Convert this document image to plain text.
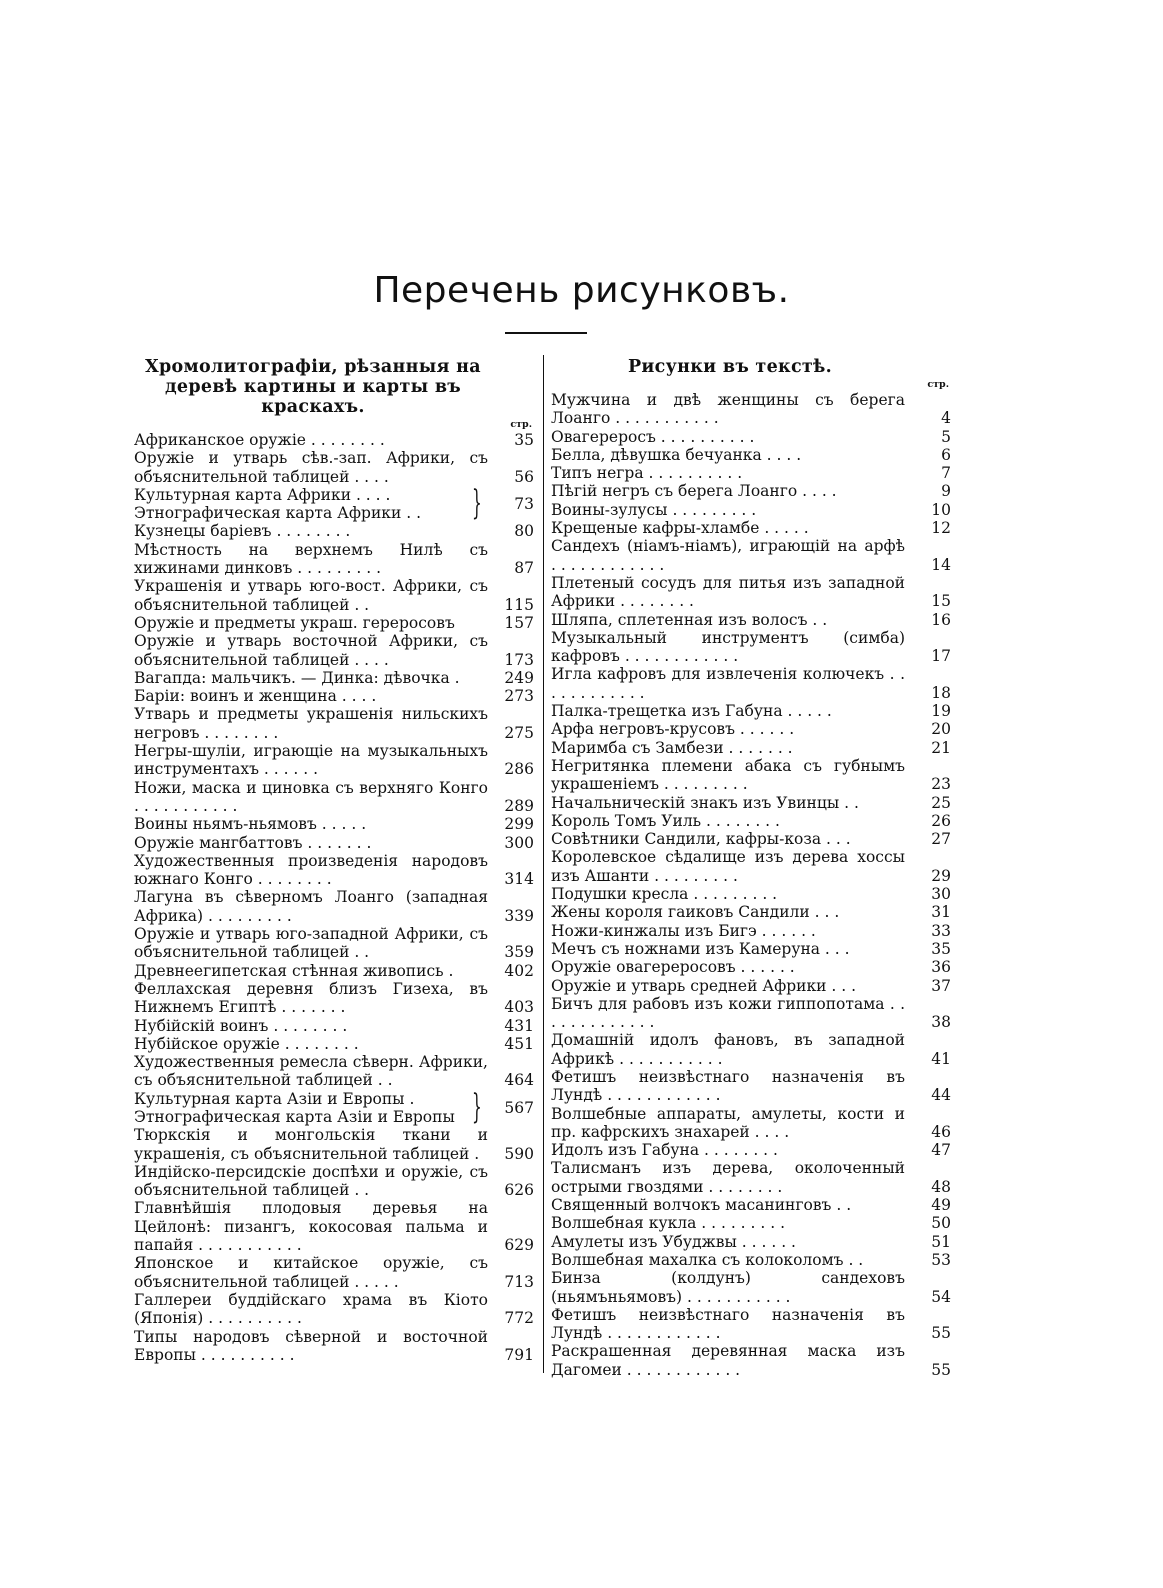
Перечень рисунковъ.
Хромолитографіи, рѣзанныя на деревѣ картины и карты въ краскахъ.
стр.
Африканское оружіе . . . . . . . .	35
Оружіе и утварь сѣв.-зап. Африки, съ объяснительной таблицей . . . .	56
Культурная карта Африки . . . .
Этнографическая карта Африки . .	}	73
Кузнецы баріевъ . . . . . . . .	80
Мѣстность на верхнемъ Нилѣ съ хижинами динковъ . . . . . . . . .	87
Украшенія и утварь юго-вост. Африки, съ объяснительной таблицей . .	115
Оружіе и предметы украш. гереросовъ	157
Оружіе и утварь восточной Африки, съ объяснительной таблицей . . . .	173
Вагапда: мальчикъ. — Динка: дѣвочка .	249
Баріи: воинъ и женщина . . . .	273
Утварь и предметы украшенія нильскихъ негровъ . . . . . . . .	275
Негры-шуліи, играющіе на музыкальныхъ инструментахъ . . . . . .	286
Ножи, маска и циновка съ верхняго Конго . . . . . . . . . . .	289
Воины ньямъ-ньямовъ . . . . .	299
Оружіе мангбаттовъ . . . . . . .	300
Художественныя произведенія народовъ южнаго Конго . . . . . . . .	314
Лагуна въ сѣверномъ Лоанго (западная Африка) . . . . . . . . .	339
Оружіе и утварь юго-западной Африки, съ объяснительной таблицей . .	359
Древнеегипетская стѣнная живопись .	402
Феллахская деревня близъ Гизеха, въ Нижнемъ Египтѣ . . . . . . .	403
Нубійскій воинъ . . . . . . . .	431
Нубійское оружіе . . . . . . . .	451
Художественныя ремесла сѣверн. Африки, съ объяснительной таблицей . .	464
Культурная карта Азіи и Европы .
Этнографическая карта Азіи и Европы }	567
Тюркскія и монгольскія ткани и украшенія, съ объяснительной таблицей .	590
Индійско-персидскіе доспѣхи и оружіе, съ объяснительной таблицей . .	626
Главнѣйшія плодовыя деревья на Цейлонѣ: пизангъ, кокосовая пальма и папайя . . . . . . . . . . .	629
Японское и китайское оружіе, съ объяснительной таблицей . . . . .	713
Галлереи буддійскаго храма въ Кіото (Японія) . . . . . . . . . .	772
Типы народовъ сѣверной и восточной Европы . . . . . . . . . .	791
Рисунки въ текстѣ.
стр.
Мужчина и двѣ женщины съ берега Лоанго . . . . . . . . . . .	4
Овагереросъ . . . . . . . . . .	5
Белла, дѣвушка бечуанка . . . .	6
Типъ негра . . . . . . . . . .	7
Пѣгій негръ съ берега Лоанго . . . .	9
Воины-зулусы . . . . . . . . .	10
Крещеные кафры-хламбе . . . . .	12
Сандехъ (ніамъ-ніамъ), играющій на арфѣ . . . . . . . . . . . .	14
Плетеный сосудъ для питья изъ западной Африки . . . . . . . .	15
Шляпа, сплетенная изъ волосъ . .	16
Музыкальный инструментъ (симба) кафровъ . . . . . . . . . . . .	17
Игла кафровъ для извлеченія колючекъ . . . . . . . . . . . .	18
Палка-трещетка изъ Габуна . . . . .	19
Арфа негровъ-крусовъ . . . . . .	20
Маримба съ Замбези . . . . . . .	21
Негритянка племени абака съ губнымъ украшеніемъ . . . . . . . . .	23
Начальническій знакъ изъ Увинцы . .	25
Король Томъ Уиль . . . . . . . .	26
Совѣтники Сандили, кафры-коза . . .	27
Королевское сѣдалище изъ дерева хоссы изъ Ашанти . . . . . . . . .	29
Подушки кресла . . . . . . . . .	30
Жены короля гаиковъ Сандили . . .	31
Ножи-кинжалы изъ Бигэ . . . . . .	33
Мечъ съ ножнами изъ Камеруна . . .	35
Оружіе овагереросовъ . . . . . .	36
Оружіе и утварь средней Африки . . .	37
Бичъ для рабовъ изъ кожи гиппопотама . . . . . . . . . . . . .	38
Домашній идолъ фановъ, въ западной Африкѣ . . . . . . . . . . .	41
Фетишъ неизвѣстнаго назначенія въ Лундѣ . . . . . . . . . . . .	44
Волшебные аппараты, амулеты, кости и пр. кафрскихъ знахарей . . . .	46
Идолъ изъ Габуна . . . . . . . .	47
Талисманъ изъ дерева, околоченный острыми гвоздями . . . . . . . .	48
Священный волчокъ масанинговъ . .	49
Волшебная кукла . . . . . . . . .	50
Амулеты изъ Убуджвы . . . . . .	51
Волшебная махалка съ колоколомъ . .	53
Бинза (колдунъ) сандеховъ (ньямъньямовъ) . . . . . . . . . . .	54
Фетишъ неизвѣстнаго назначенія въ Лундѣ . . . . . . . . . . . .	55
Раскрашенная деревянная маска изъ Дагомеи . . . . . . . . . . . .	55
